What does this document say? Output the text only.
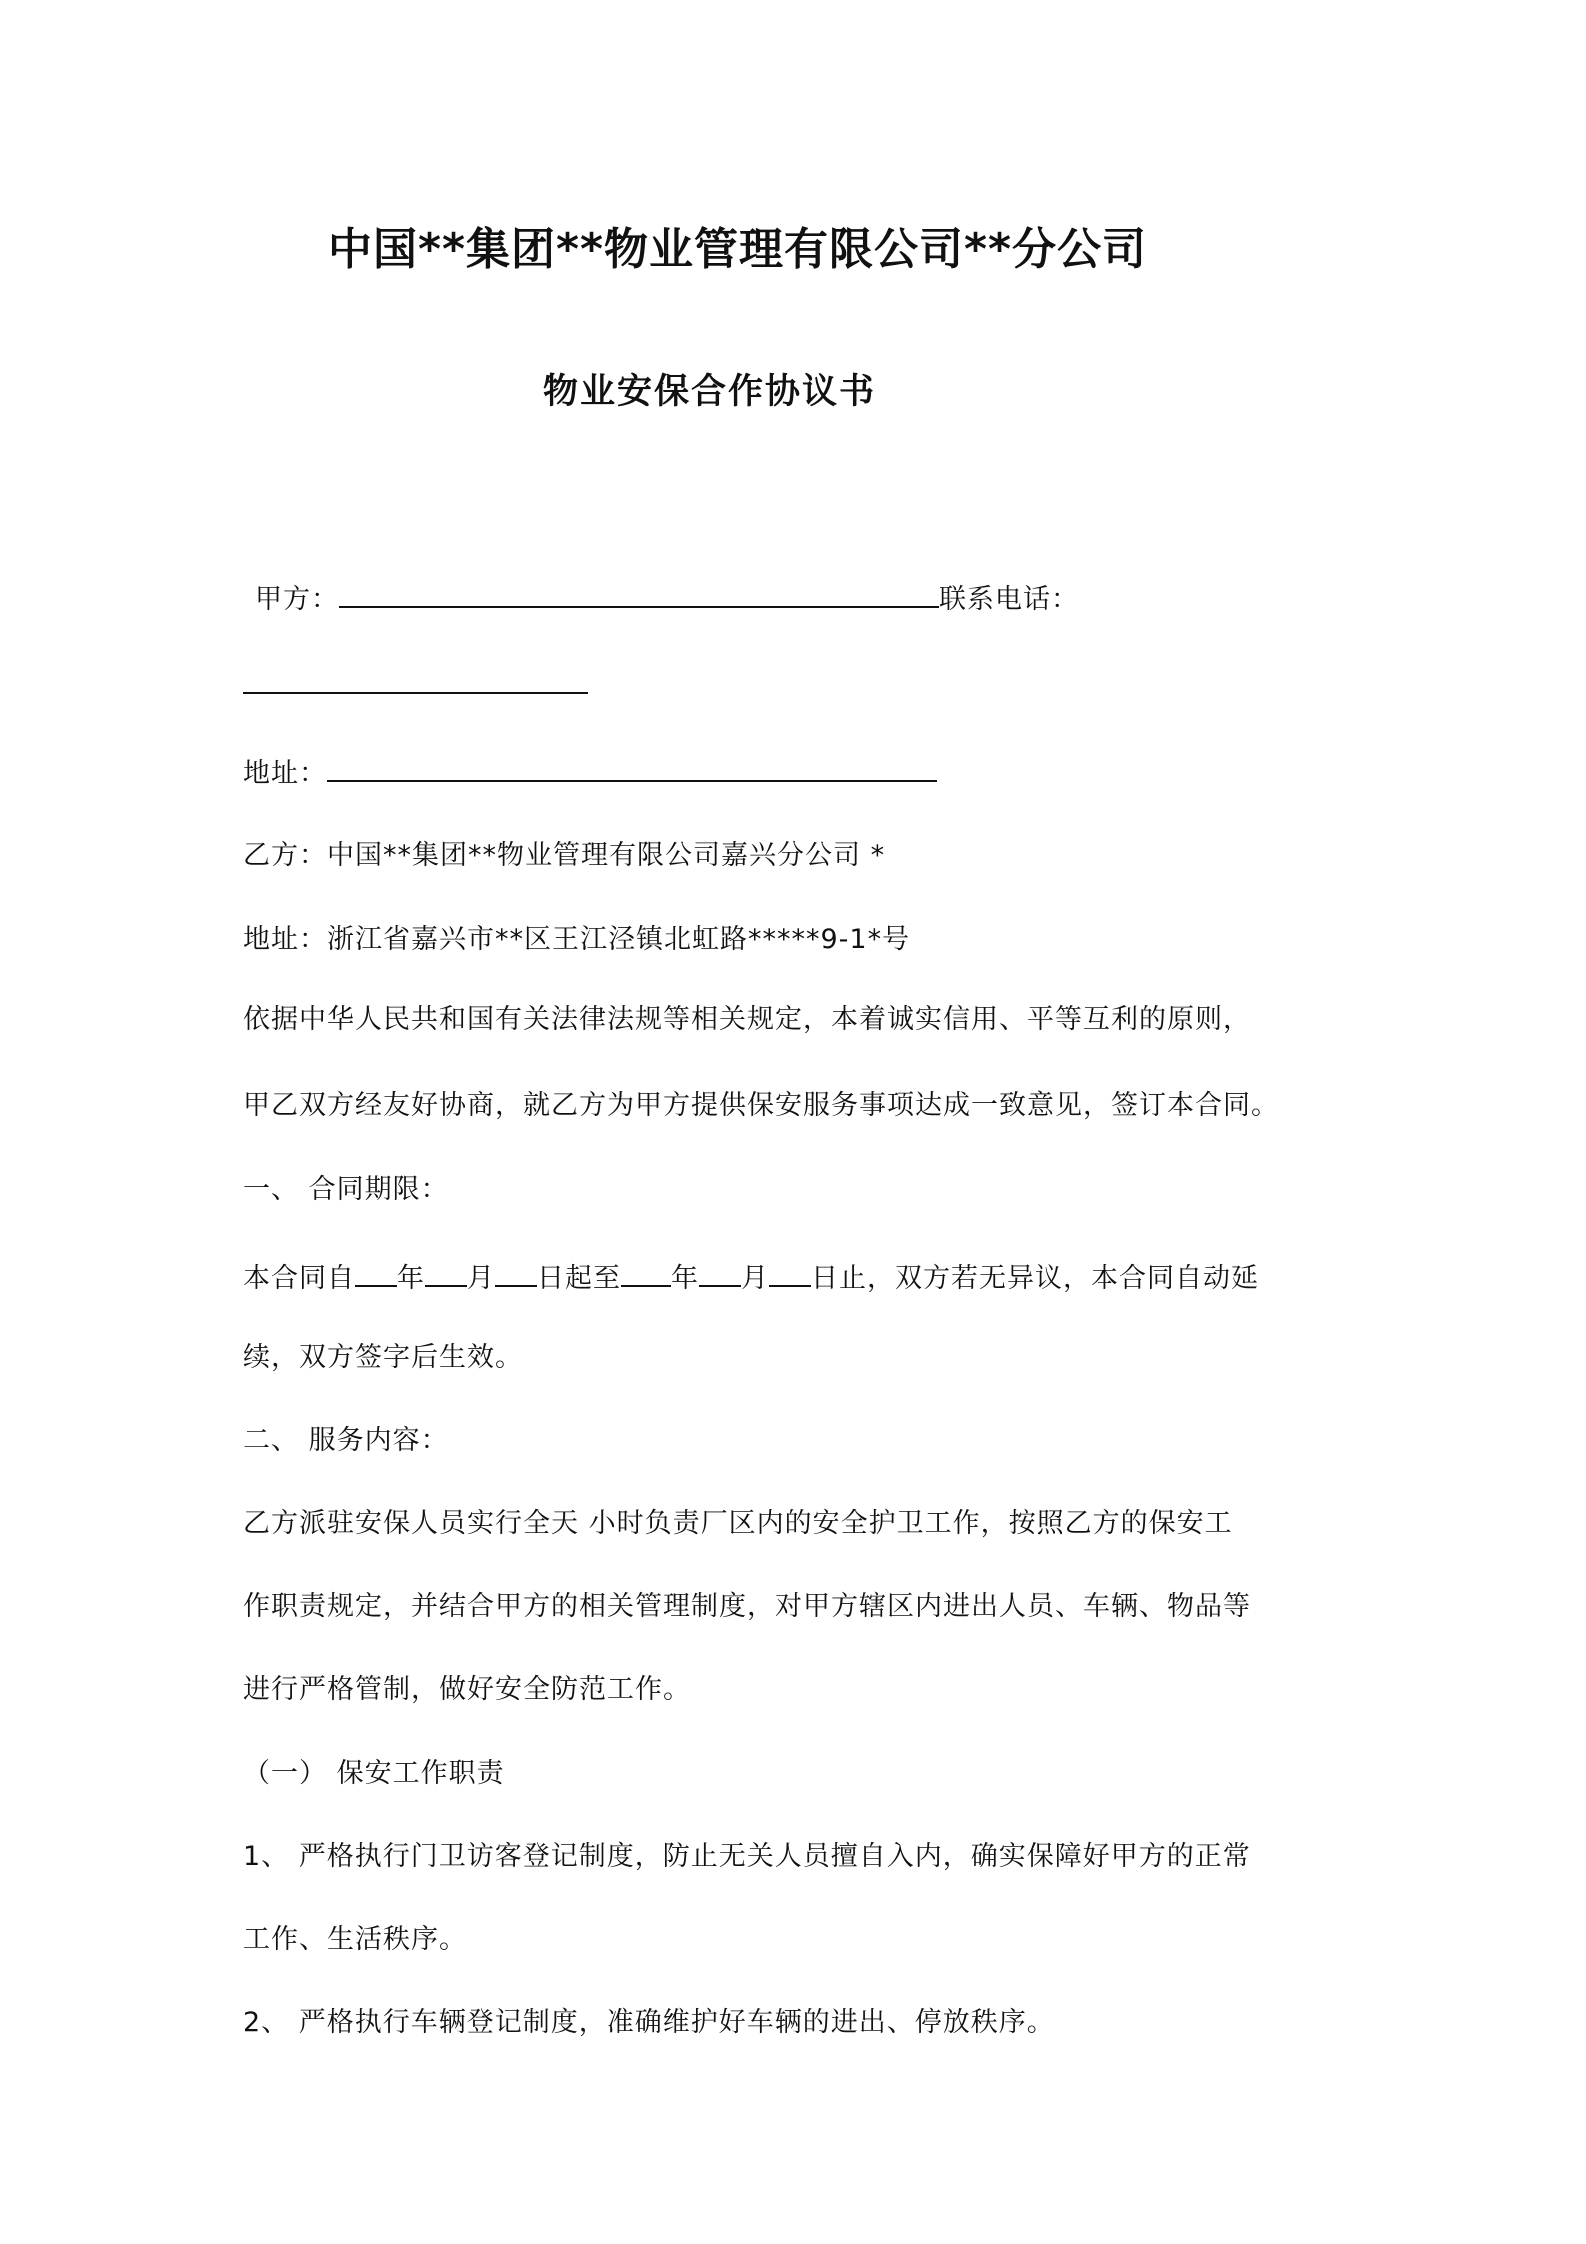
中国**集团**物业管理有限公司**分公司
物业安保合作协议书
甲方：	联系电话：
地址：
乙方：中国**集团**物业管理有限公司嘉兴分公司 *
地址：浙江省嘉兴市**区王江泾镇北虹路*****9-1*号
依据中华人民共和国有关法律法规等相关规定，本着诚实信用、平等互利的原则，
甲乙双方经友好协商，就乙方为甲方提供保安服务事项达成一致意见，签订本合同。
一、 合同期限：
本合同自 年 月 日起至 年 月 日止，双方若无异议，本合同自动延
续，双方签字后生效。
二、 服务内容：
乙方派驻安保人员实行全天 小时负责厂区内的安全护卫工作，按照乙方的保安工
作职责规定，并结合甲方的相关管理制度，对甲方辖区内进出人员、车辆、物品等
进行严格管制，做好安全防范工作。
（一） 保安工作职责
1、 严格执行门卫访客登记制度，防止无关人员擅自入内，确实保障好甲方的正常
工作、生活秩序。
2、 严格执行车辆登记制度，准确维护好车辆的进出、停放秩序。
